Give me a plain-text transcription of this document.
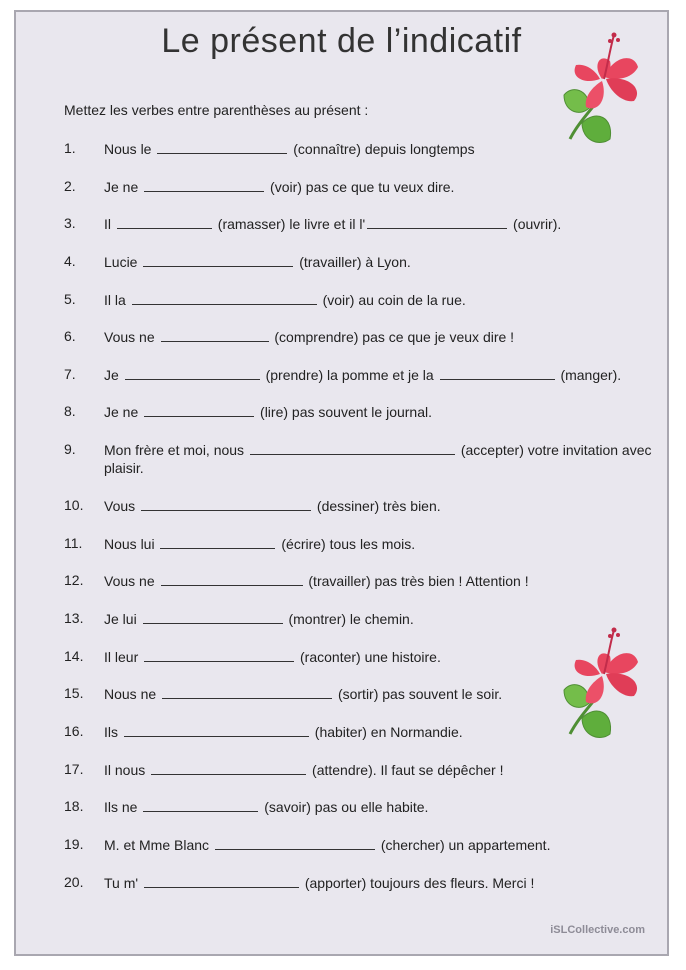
Le présent de l’indicatif
Mettez les verbes entre parenthèses au présent :
1. Nous le	(connaître) depuis longtemps
2. Je ne	(voir) pas ce que tu veux dire.
3. Il	(ramasser) le livre et il l'	(ouvrir).
4. Lucie	(travailler) à Lyon.
5. Il la	(voir) au coin de la rue.
6. Vous ne	(comprendre) pas ce que je veux dire !
7. Je	(prendre) la pomme et je la	(manger).
8. Je ne	(lire) pas souvent le journal.
9. Mon frère et moi, nous	(accepter) votre invitation avec plaisir.
10. Vous	(dessiner) très bien.
11. Nous lui	(écrire) tous les mois.
12. Vous ne	(travailler) pas très bien ! Attention !
13. Je lui	(montrer) le chemin.
14. Il leur	(raconter) une histoire.
15. Nous ne	(sortir) pas souvent le soir.
16. Ils	(habiter) en Normandie.
17. Il nous	(attendre). Il faut se dépêcher !
18. Ils ne	(savoir) pas ou elle habite.
19. M. et Mme Blanc	(chercher) un appartement.
20. Tu m'	(apporter) toujours des fleurs. Merci !
iSLCollective.com
